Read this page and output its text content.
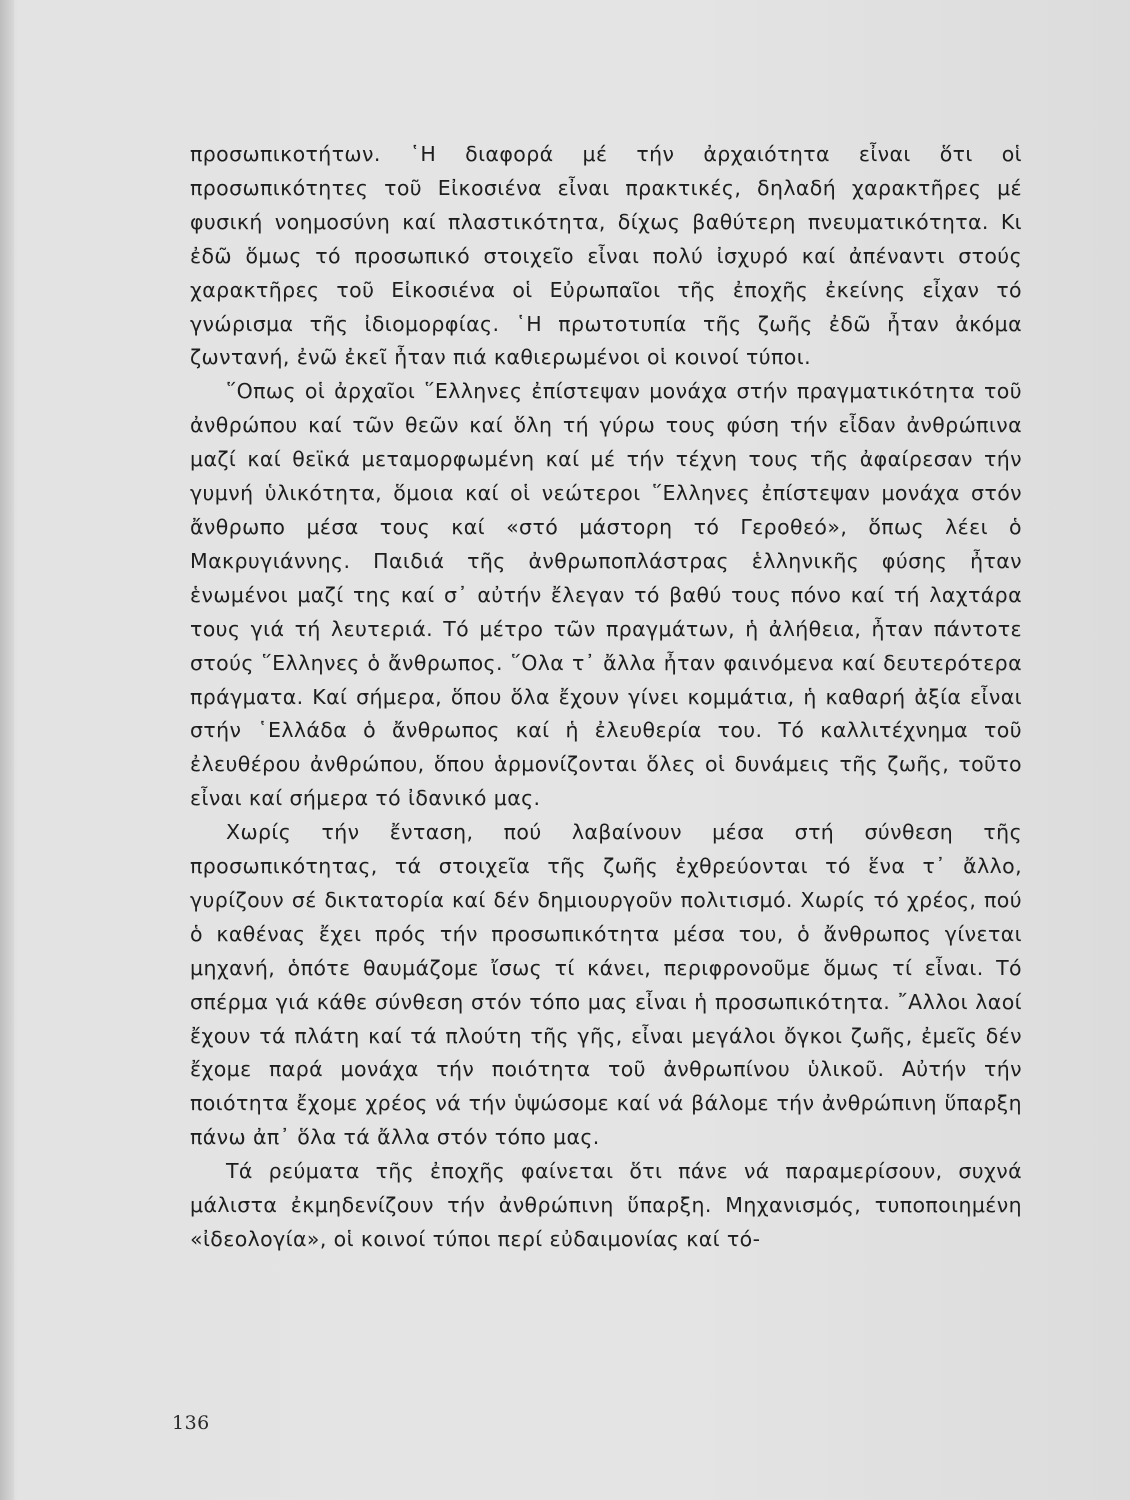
προσωπικοτήτων. ῾Η διαφορά μέ τήν ἀρχαιότητα εἶναι ὅτι οἱ προσωπικότητες τοῦ Εἰκοσιένα εἶναι πρακτικές, δηλαδή χαρακτῆρες μέ φυσική νοημοσύνη καί πλαστικότητα, δίχως βαθύτερη πνευματικότητα. Κι ἐδῶ ὅμως τό προσωπικό στοιχεῖο εἶναι πολύ ἰσχυρό καί ἀπέναντι στούς χαρακτῆρες τοῦ Εἰκοσιένα οἱ Εὐρωπαῖοι τῆς ἐποχῆς ἐκείνης εἶχαν τό γνώρισμα τῆς ἰδιομορφίας. ῾Η πρωτοτυπία τῆς ζωῆς ἐδῶ ἦταν ἀκόμα ζωντανή, ἐνῶ ἐκεῖ ἦταν πιά καθιερωμένοι οἱ κοινοί τύποι.

῞Οπως οἱ ἀρχαῖοι ῞Ελληνες ἐπίστεψαν μονάχα στήν πραγματικότητα τοῦ ἀνθρώπου καί τῶν θεῶν καί ὅλη τή γύρω τους φύση τήν εἶδαν ἀνθρώπινα μαζί καί θεϊκά μεταμορφωμένη καί μέ τήν τέχνη τους τῆς ἀφαίρεσαν τήν γυμνή ὑλικότητα, ὅμοια καί οἱ νεώτεροι ῞Ελληνες ἐπίστεψαν μονάχα στόν ἄνθρωπο μέσα τους καί «στό μάστορη τό Γεροθεό», ὅπως λέει ὁ Μακρυγιάννης. Παιδιά τῆς ἀνθρωποπλάστρας ἑλληνικῆς φύσης ἦταν ἑνωμένοι μαζί της καί σ᾽ αὐτήν ἔλεγαν τό βαθύ τους πόνο καί τή λαχτάρα τους γιά τή λευτεριά. Τό μέτρο τῶν πραγμάτων, ἡ ἀλήθεια, ἦταν πάντοτε στούς ῞Ελληνες ὁ ἄνθρωπος. ῞Ολα τ᾽ ἄλλα ἦταν φαινόμενα καί δευτερότερα πράγματα. Καί σήμερα, ὅπου ὅλα ἔχουν γίνει κομμάτια, ἡ καθαρή ἀξία εἶναι στήν ῾Ελλάδα ὁ ἄνθρωπος καί ἡ ἐλευθερία του. Τό καλλιτέχνημα τοῦ ἐλευθέρου ἀνθρώπου, ὅπου ἁρμονίζονται ὅλες οἱ δυνάμεις τῆς ζωῆς, τοῦτο εἶναι καί σήμερα τό ἰδανικό μας.

Χωρίς τήν ἔνταση, πού λαβαίνουν μέσα στή σύνθεση τῆς προσωπικότητας, τά στοιχεῖα τῆς ζωῆς ἐχθρεύονται τό ἕνα τ᾽ ἄλλο, γυρίζουν σέ δικτατορία καί δέν δημιουργοῦν πολιτισμό. Χωρίς τό χρέος, πού ὁ καθένας ἔχει πρός τήν προσωπικότητα μέσα του, ὁ ἄνθρωπος γίνεται μηχανή, ὁπότε θαυμάζομε ἴσως τί κάνει, περιφρονοῦμε ὅμως τί εἶναι. Τό σπέρμα γιά κάθε σύνθεση στόν τόπο μας εἶναι ἡ προσωπικότητα. ῎Αλλοι λαοί ἔχουν τά πλάτη καί τά πλούτη τῆς γῆς, εἶναι μεγάλοι ὄγκοι ζωῆς, ἐμεῖς δέν ἔχομε παρά μονάχα τήν ποιότητα τοῦ ἀνθρωπίνου ὑλικοῦ. Αὐτήν τήν ποιότητα ἔχομε χρέος νά τήν ὑψώσομε καί νά βάλομε τήν ἀνθρώπινη ὕπαρξη πάνω ἀπ᾽ ὅλα τά ἄλλα στόν τόπο μας.

Τά ρεύματα τῆς ἐποχῆς φαίνεται ὅτι πάνε νά παραμερίσουν, συχνά μάλιστα ἐκμηδενίζουν τήν ἀνθρώπινη ὕπαρξη. Μηχανισμός, τυποποιημένη «ἰδεολογία», οἱ κοινοί τύποι περί εὐδαιμονίας καί τό-

136
